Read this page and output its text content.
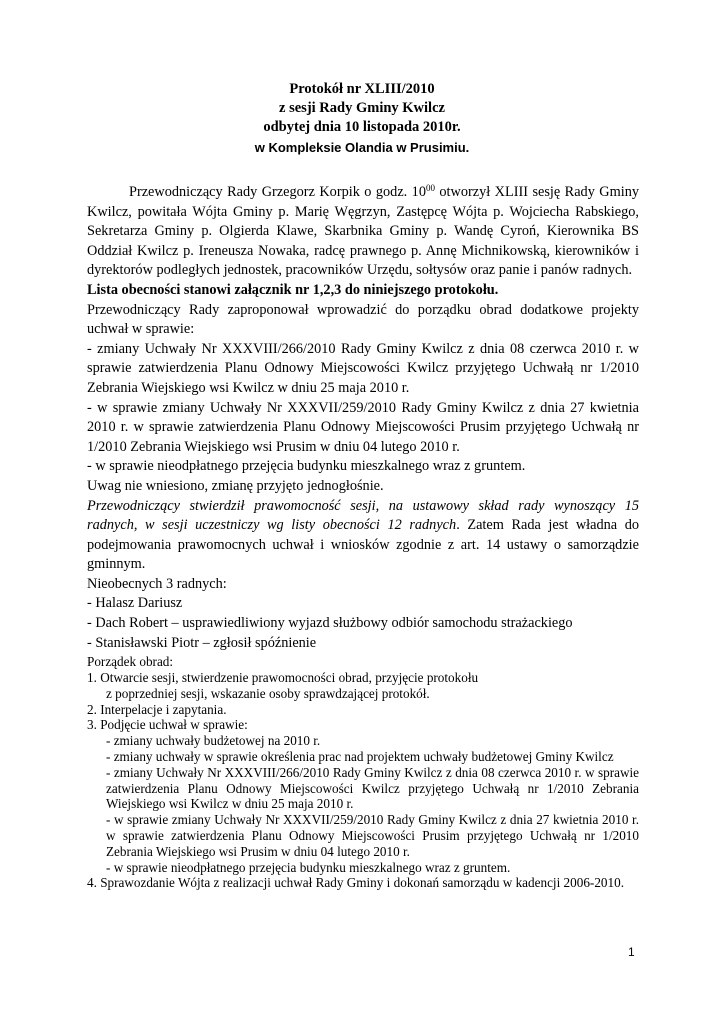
Protokół nr XLIII/2010
z sesji Rady Gminy Kwilcz
odbytej dnia 10 listopada 2010r.
w Kompleksie Olandia w Prusimiu.

Przewodniczący Rady Grzegorz Korpik o godz. $10^{00}$ otworzył XLIII sesję Rady Gminy Kwilcz, powitała Wójta Gminy p. Marię Węgrzyn, Zastępcę Wójta p. Wojciecha Rabskiego, Sekretarza Gminy p. Olgierda Klawe, Skarbnika Gminy p. Wandę Cyroń, Kierownika BS Oddział Kwilcz p. Ireneusza Nowaka, radcę prawnego p. Annę Michnikowską, kierowników i dyrektorów podległych jednostek, pracowników Urzędu, sołtysów oraz panie i panów radnych.

Lista obecności stanowi załącznik nr 1,2,3 do niniejszego protokołu.

Przewodniczący Rady zaproponował wprowadzić do porządku obrad dodatkowe projekty uchwał w sprawie:

- zmiany Uchwały Nr XXXVIII/266/2010 Rady Gminy Kwilcz z dnia 08 czerwca 2010 r. w sprawie zatwierdzenia Planu Odnowy Miejscowości Kwilcz przyjętego Uchwałą nr 1/2010 Zebrania Wiejskiego wsi Kwilcz w dniu 25 maja 2010 r.

- w sprawie zmiany Uchwały Nr XXXVII/259/2010 Rady Gminy Kwilcz z dnia 27 kwietnia 2010 r. w sprawie zatwierdzenia Planu Odnowy Miejscowości Prusim przyjętego Uchwałą nr 1/2010 Zebrania Wiejskiego wsi Prusim w dniu 04 lutego 2010 r.

- w sprawie nieodpłatnego przejęcia budynku mieszkalnego wraz z gruntem.

Uwag nie wniesiono, zmianę przyjęto jednogłośnie.

Przewodniczący stwierdził prawomocność sesji, na ustawowy skład rady wynoszący 15 radnych, w sesji uczestniczy wg listy obecności 12 radnych. Zatem Rada jest władna do podejmowania prawomocnych uchwał i wniosków zgodnie z art. 14 ustawy o samorządzie gminnym.

Nieobecnych 3 radnych:

- Halasz Dariusz

- Dach Robert – usprawiedliwiony wyjazd służbowy odbiór samochodu strażackiego

- Stanisławski Piotr – zgłosił spóźnienie

Porządek obrad:

1. Otwarcie sesji, stwierdzenie prawomocności obrad, przyjęcie protokołu

z poprzedniej sesji, wskazanie osoby sprawdzającej protokół.

2. Interpelacje i zapytania.

3. Podjęcie uchwał w sprawie:

- zmiany uchwały budżetowej na 2010 r.

- zmiany uchwały w sprawie określenia prac nad projektem uchwały budżetowej Gminy Kwilcz

- zmiany Uchwały Nr XXXVIII/266/2010 Rady Gminy Kwilcz z dnia 08 czerwca 2010 r. w sprawie zatwierdzenia Planu Odnowy Miejscowości Kwilcz przyjętego Uchwałą nr 1/2010 Zebrania Wiejskiego wsi Kwilcz w dniu 25 maja 2010 r.

- w sprawie zmiany Uchwały Nr XXXVII/259/2010 Rady Gminy Kwilcz z dnia 27 kwietnia 2010 r. w sprawie zatwierdzenia Planu Odnowy Miejscowości Prusim przyjętego Uchwałą nr 1/2010 Zebrania Wiejskiego wsi Prusim w dniu 04 lutego 2010 r.

- w sprawie nieodpłatnego przejęcia budynku mieszkalnego wraz z gruntem.

4. Sprawozdanie Wójta z realizacji uchwał Rady Gminy i dokonań samorządu w kadencji 2006-2010.

1
